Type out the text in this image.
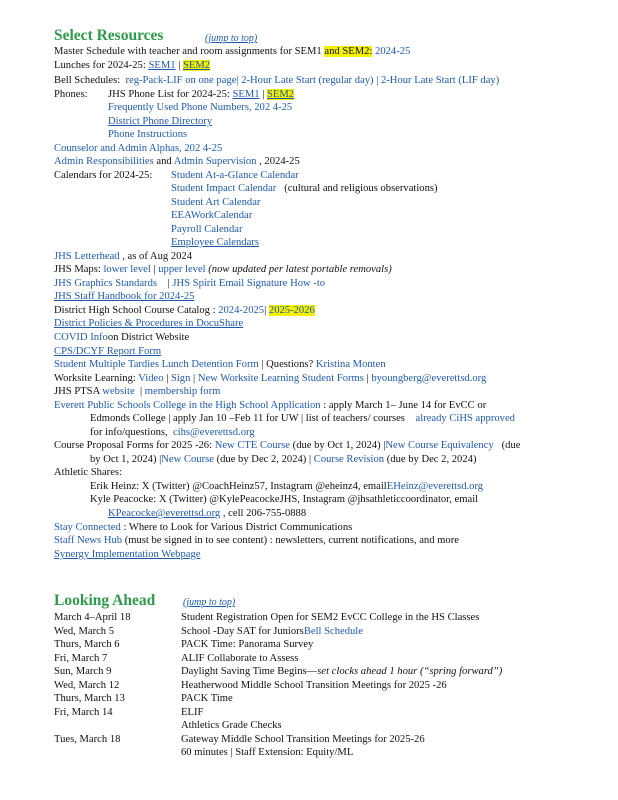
Select Resources	(jump to top)
Master Schedule with teacher and room assignments for SEM1 and SEM2: 2024-25
Lunches for 2024-25: SEM1 | SEM2
Bell Schedules: reg-Pack-LIF on one page| 2-Hour Late Start (regular day) | 2-Hour Late Start (LIF day)
Phones: JHS Phone List for 2024-25: SEM1 | SEM2
Frequently Used Phone Numbers, 202 4-25
District Phone Directory
Phone Instructions
Counselor and Admin Alphas, 202 4-25
Admin Responsibilities and Admin Supervision , 2024-25
Calendars for 2024-25: Student At-a-Glance Calendar
Student Impact Calendar (cultural and religious observations)
Student Art Calendar
EEAWorkCalendar
Payroll Calendar
Employee Calendars
JHS Letterhead , as of Aug 2024
JHS Maps: lower level | upper level (now updated per latest portable removals)
JHS Graphics Standards    | JHS Spirit Email Signature How -to
JHS Staff Handbook for 2024-25
District High School Course Catalog : 2024-2025| 2025-2026
District Policies & Procedures in DocuShare
COVID Infoon District Website
CPS/DCYF Report Form
Student Multiple Tardies Lunch Detention Form | Questions? Kristina Monten
Worksite Learning: Video | Sign | New Worksite Learning Student Forms | byoungberg@everettsd.org
JHS PTSA website  | membership form
Everett Public Schools College in the High School Application : apply March 1– June 14 for EvCC or
Edmonds College | apply Jan 10 –Feb 11 for UW | list of teachers/ courses already CiHS approved
for info/questions, cihs@everettsd.org
Course Proposal Forms for 2025 -26: New CTE Course (due by Oct 1, 2024) |New Course Equivalency (due
by Oct 1, 2024) |New Course (due by Dec 2, 2024) | Course Revision (due by Dec 2, 2024)
Athletic Shares:
Erik Heinz: X (Twitter) @CoachHeinz57, Instagram @eheinz4, emailEHeinz@everettsd.org
Kyle Peacocke: X (Twitter) @KylePeacockeJHS, Instagram @jhsathleticcoordinator, email
KPeacocke@everettsd.org , cell 206-755-0888
Stay Connected : Where to Look for Various District Communications
Staff News Hub (must be signed in to see content) : newsletters, current notifications, and more
Synergy Implementation Webpage
Looking Ahead	(jump to top)
March 4–April 18	Student Registration Open for SEM2 EvCC College in the HS Classes
Wed, March 5	School -Day SAT for JuniorsBell Schedule
Thurs, March 6	PACK Time: Panorama Survey
Fri, March 7	ALIF Collaborate to Assess
Sun, March 9	Daylight Saving Time Begins—set clocks ahead 1 hour (“spring forward”)
Wed, March 12	Heatherwood Middle School Transition Meetings for 2025 -26
Thurs, March 13	PACK Time
Fri, March 14	ELIF
Athletics Grade Checks
Tues, March 18	Gateway Middle School Transition Meetings for 2025-26
60 minutes | Staff Extension: Equity/ML
